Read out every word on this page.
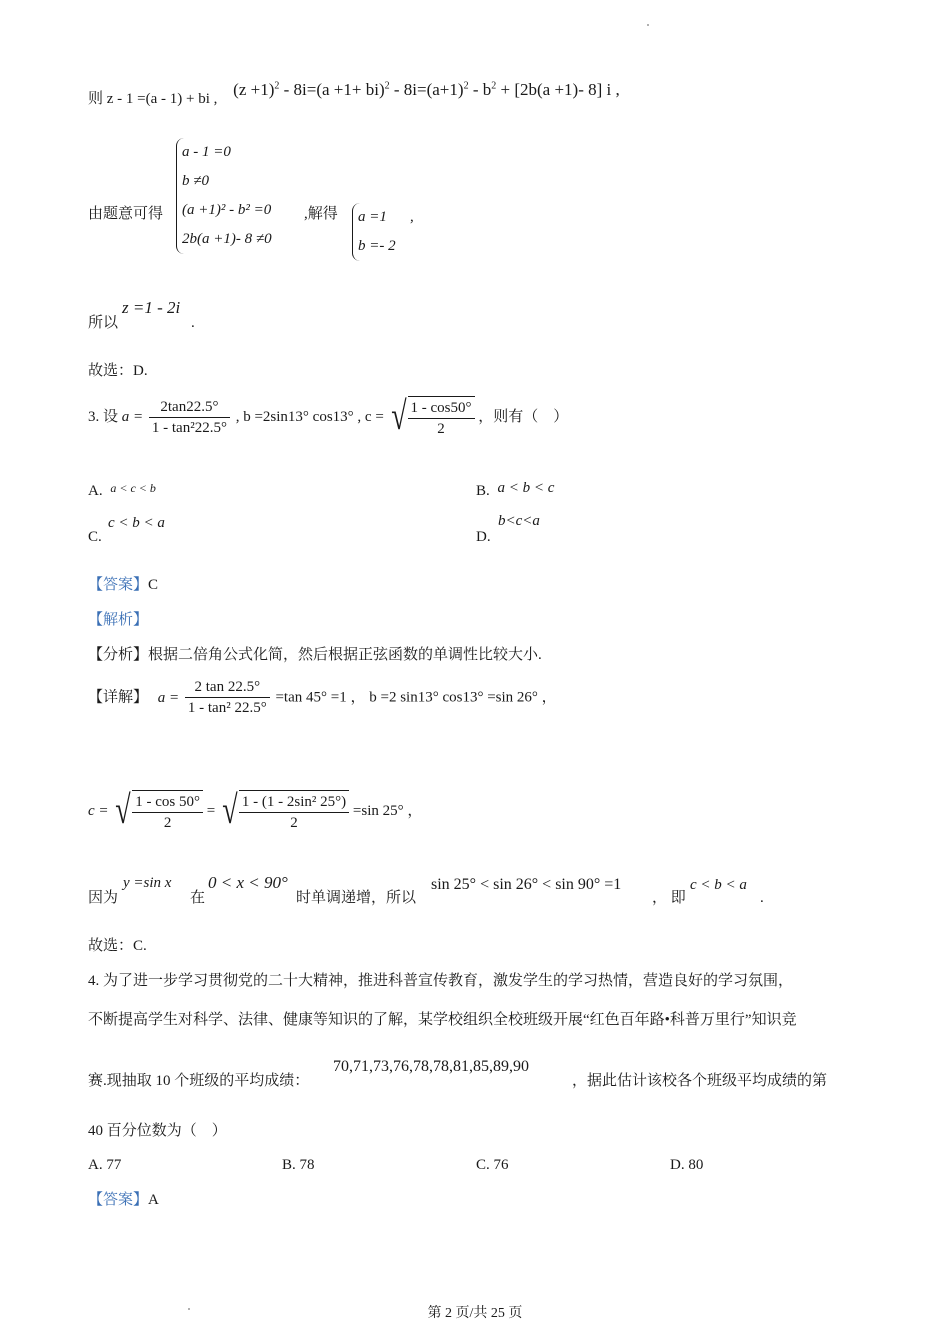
则 z - 1 =(a - 1) + bi , $(z +1)^2 - 8i=(a +1+ bi)^2 - 8i=(a+1)^2 - b^2 + [2b(a +1)-$ 8] i ,
由题意可得
a - 1 =0
b ≠0
(a +1)² - b² =0
2b(a +1)- 8 ≠0
,解得 a =1
b =- 2
,
所以
z =1 - 2i
.
故选：D.
3. 设 $a = \frac{2\tan 22.5^\circ}{\text{1 - tan²22.5°}}$ , b =2sin13° cos13° , c = √ $\frac{1 - \cos 50^\circ}{2}$ ，则有（　）
A. $^{a < c < b}$	B. a < b < c
C.
c < b < a
D.
b<c<a
【答案】C
【解析】
【分析】根据二倍角公式化简，然后根据正弦函数的单调性比较大小.
【详解】 $a = \frac{2 \tan 22.5^\circ}{\text{1 - tan² 22.5°}} =\tan$ 45° =1 ， b =2 sin13° cos13° =sin 26° ，
c = √ $\frac{1 - \cos 50^\circ}{2}$ = √ $\frac{\text{1 - (1 - 2sin² 25°)}}{2} =\sin$ 25° ，
因为
y =sin x
在
0 < x < 90°
时单调递增，所以
sin 25° < sin 26° < sin 90° =1
， 即
c < b < a
.
故选：C.
4. 为了进一步学习贯彻党的二十大精神，推进科普宣传教育，激发学生的学习热情，营造良好的学习氛围，
不断提高学生对科学、法律、健康等知识的了解，某学校组织全校班级开展“红色百年路•科普万里行”知识竞
赛.现抽取 10 个班级的平均成绩：
70,71,73,76,78,78,81,85,89,90
，据此估计该校各个班级平均成绩的第
40 百分位数为（　）
A. 77	B. 78	C. 76	D. 80
【答案】A
第 2 页/共 25 页
